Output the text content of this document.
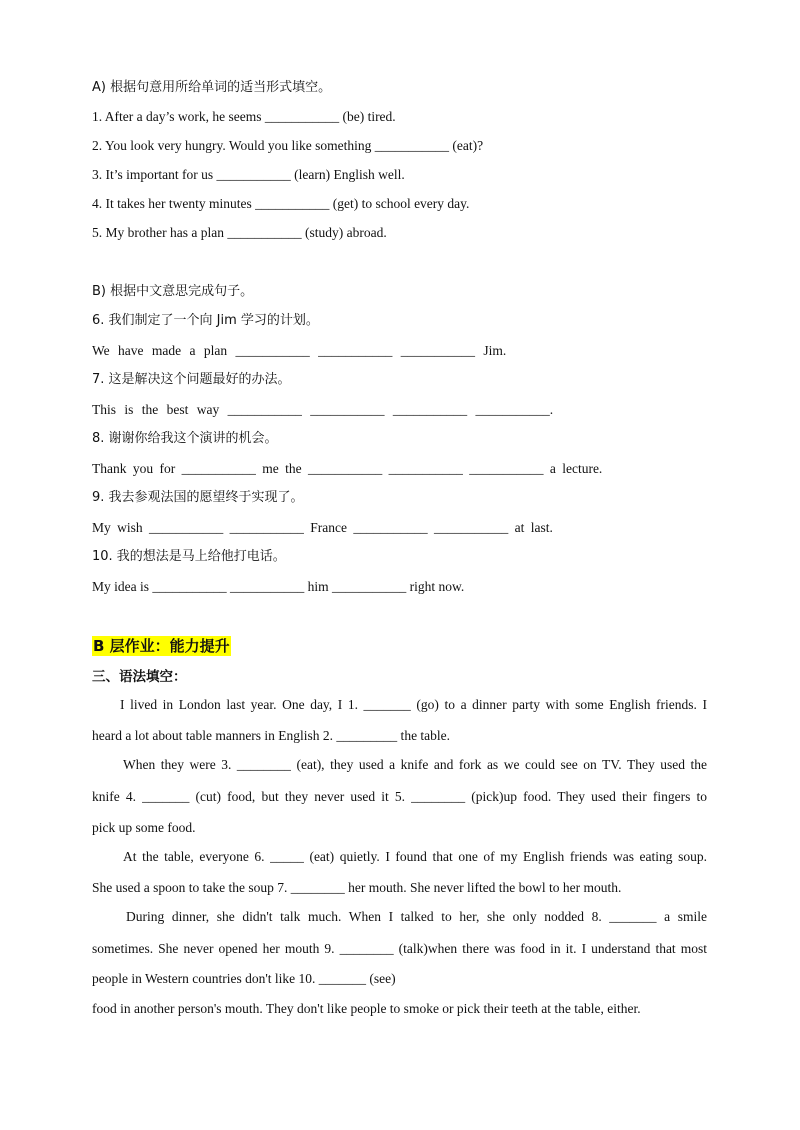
A) 根据句意用所给单词的适当形式填空。
1. After a day’s work, he seems ___________ (be) tired.
2. You look very hungry. Would you like something ___________ (eat)?
3. It’s important for us ___________ (learn) English well.
4. It takes her twenty minutes ___________ (get) to school every day.
5. My brother has a plan ___________ (study) abroad.
B) 根据中文意思完成句子。
6. 我们制定了一个向 Jim 学习的计划。
We have made a plan ___________ ___________ ___________ Jim.
7. 这是解决这个问题最好的办法。
This is the best way ___________ ___________ ___________ ___________.
8. 谢谢你给我这个演讲的机会。
Thank you for ___________ me the ___________ ___________ ___________ a lecture.
9. 我去参观法国的愿望终于实现了。
My wish ___________ ___________ France ___________ ___________ at last.
10. 我的想法是马上给他打电话。
My idea is ___________ ___________ him ___________ right now.
B 层作业：能力提升
三、语法填空：
I lived in London last year. One day, I 1. _______ (go) to a dinner party with some English friends. I
heard a lot about table manners in English 2. _________ the table.
When they were 3. ________ (eat), they used a knife and fork as we could see on TV. They used the
knife 4. _______ (cut) food, but they never used it 5. ________ (pick)up food. They used their fingers to
pick up some food.
At the table, everyone 6. _____ (eat) quietly. I found that one of my English friends was eating soup.
She used a spoon to take the soup 7. ________ her mouth. She never lifted the bowl to her mouth.
During dinner, she didn't talk much. When I talked to her, she only nodded 8. _______ a smile
sometimes. She never opened her mouth 9. ________ (talk)when there was food in it. I understand that most
people in Western countries don't like 10. _______ (see)
food in another person's mouth. They don't like people to smoke or pick their teeth at the table, either.
